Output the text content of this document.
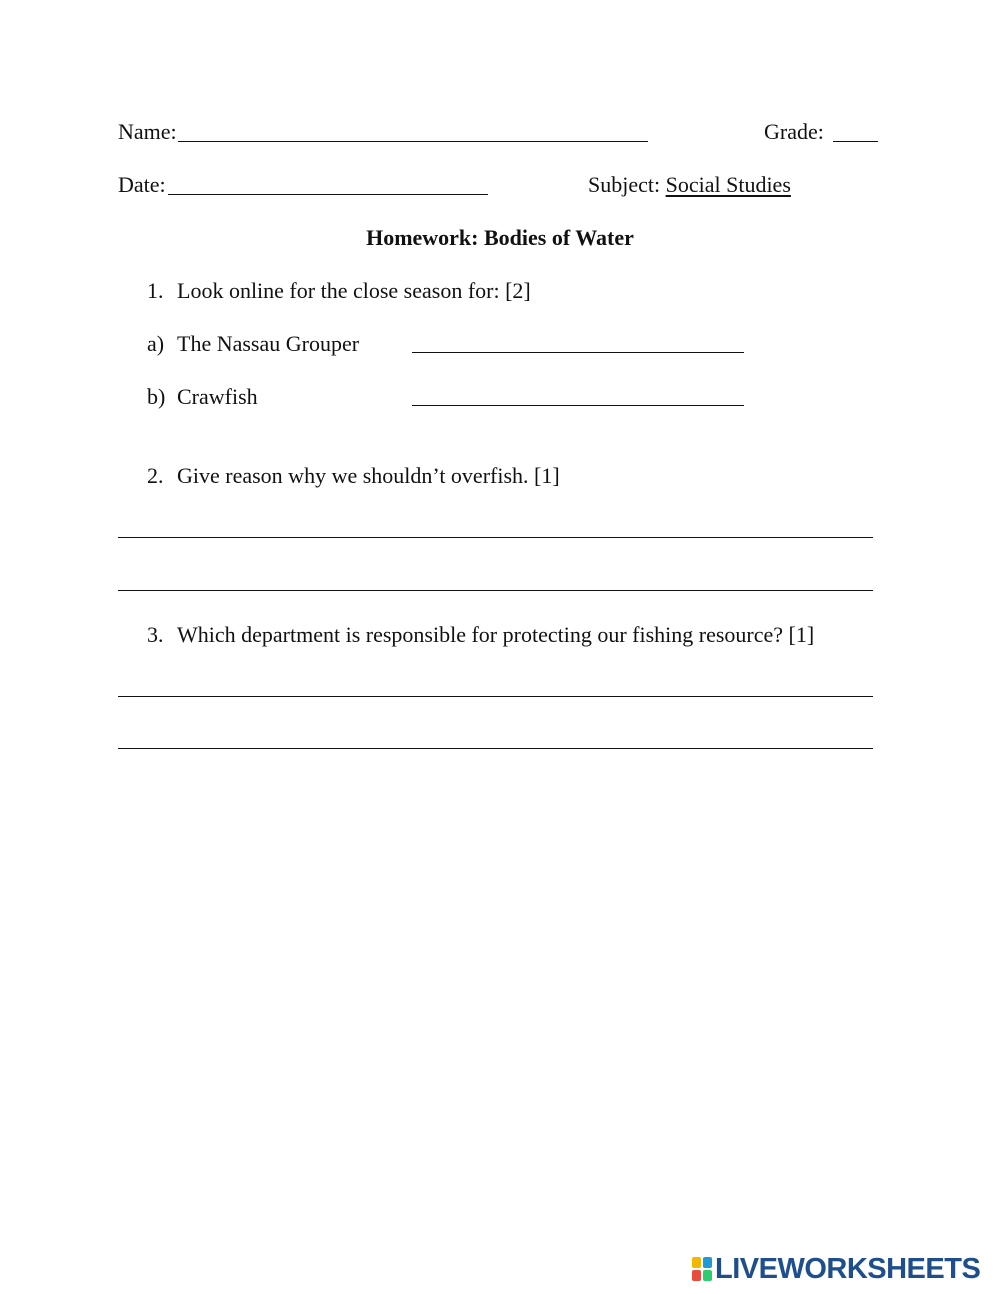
Name:	Grade:
Date:	Subject: Social Studies
Homework: Bodies of Water
1. Look online for the close season for: [2]
a) The Nassau Grouper
b) Crawfish
2. Give reason why we shouldn’t overfish. [1]
3. Which department is responsible for protecting our fishing resource? [1]
LIVEWORKSHEETS
